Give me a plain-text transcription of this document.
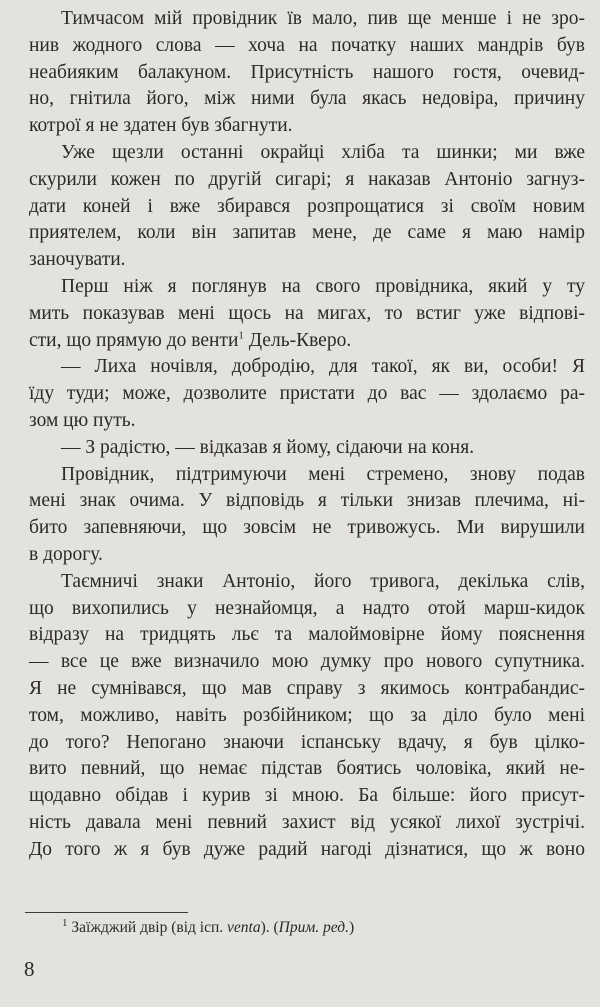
Тимчасом мій провідник їв мало, пив ще менше і не зро-
нив жодного слова — хоча на початку наших мандрів був
неабияким балакуном. Присутність нашого гостя, очевид-
но, гнітила його, між ними була якась недовіра, причину
котрої я не здатен був збагнути.
Уже щезли останні окрайці хліба та шинки; ми вже
скурили кожен по другій сигарі; я наказав Антоніо загнуз-
дати коней і вже збирався розпрощатися зі своїм новим
приятелем, коли він запитав мене, де саме я маю намір
заночувати.
Перш ніж я поглянув на свого провідника, який у ту
мить показував мені щось на мигах, то встиг уже відпові-
сти, що прямую до венти$^1$ Дель-Кверо.
— Лиха ночівля, добродію, для такої, як ви, особи! Я
їду туди; може, дозволите пристати до вас — здолаємо ра-
зом цю путь.
— З радістю, — відказав я йому, сідаючи на коня.
Провідник, підтримуючи мені стремено, знову подав
мені знак очима. У відповідь я тільки знизав плечима, ні-
бито запевняючи, що зовсім не тривожусь. Ми вирушили
в дорогу.
Таємничі знаки Антоніо, його тривога, декілька слів,
що вихопились у незнайомця, а надто отой марш-кидок
відразу на тридцять льє та малоймовірне йому пояснення
— все це вже визначило мою думку про нового супутника.
Я не сумнівався, що мав справу з якимось контрабандис-
том, можливо, навіть розбійником; що за діло було мені
до того? Непогано знаючи іспанську вдачу, я був цілко-
вито певний, що немає підстав боятись чоловіка, який не-
щодавно обідав і курив зі мною. Ба більше: його присут-
ність давала мені певний захист від усякої лихої зустрічі.
До того ж я був дуже радий нагоді дізнатися, що ж воно
$^1$ Заїжджий двір (від ісп. venta). (Прим. ред.)
8
